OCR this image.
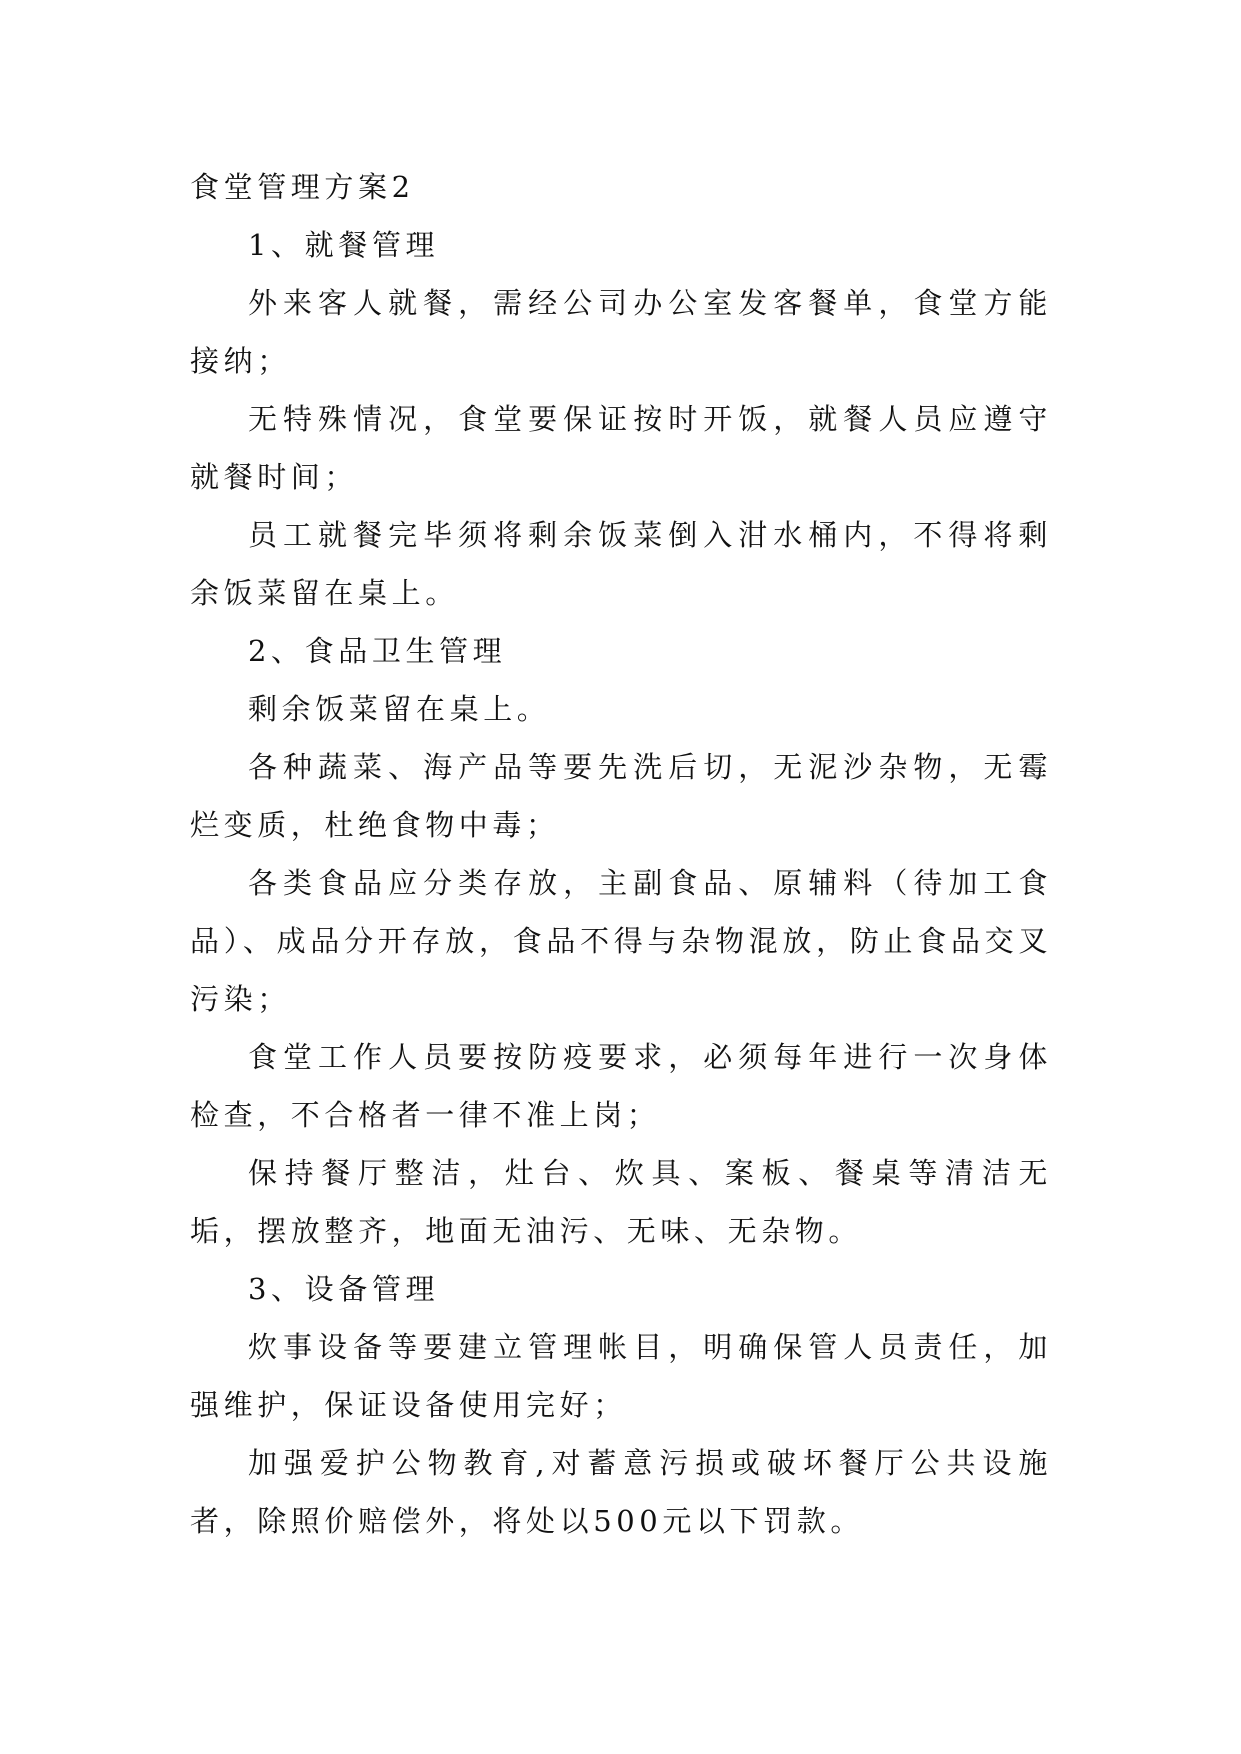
食堂管理方案2

1、就餐管理

外来客人就餐，需经公司办公室发客餐单，食堂方能接纳；

无特殊情况，食堂要保证按时开饭，就餐人员应遵守就餐时间；

员工就餐完毕须将剩余饭菜倒入泔水桶内，不得将剩余饭菜留在桌上。

2、食品卫生管理

剩余饭菜留在桌上。

各种蔬菜、海产品等要先洗后切，无泥沙杂物，无霉烂变质，杜绝食物中毒；

各类食品应分类存放，主副食品、原辅料（待加工食品）、成品分开存放，食品不得与杂物混放，防止食品交叉污染；

食堂工作人员要按防疫要求，必须每年进行一次身体检查，不合格者一律不准上岗；

保持餐厅整洁，灶台、炊具、案板、餐桌等清洁无垢，摆放整齐，地面无油污、无味、无杂物。

3、设备管理

炊事设备等要建立管理帐目，明确保管人员责任，加强维护，保证设备使用完好；

加强爱护公物教育,对蓄意污损或破坏餐厅公共设施者，除照价赔偿外，将处以500元以下罚款。
